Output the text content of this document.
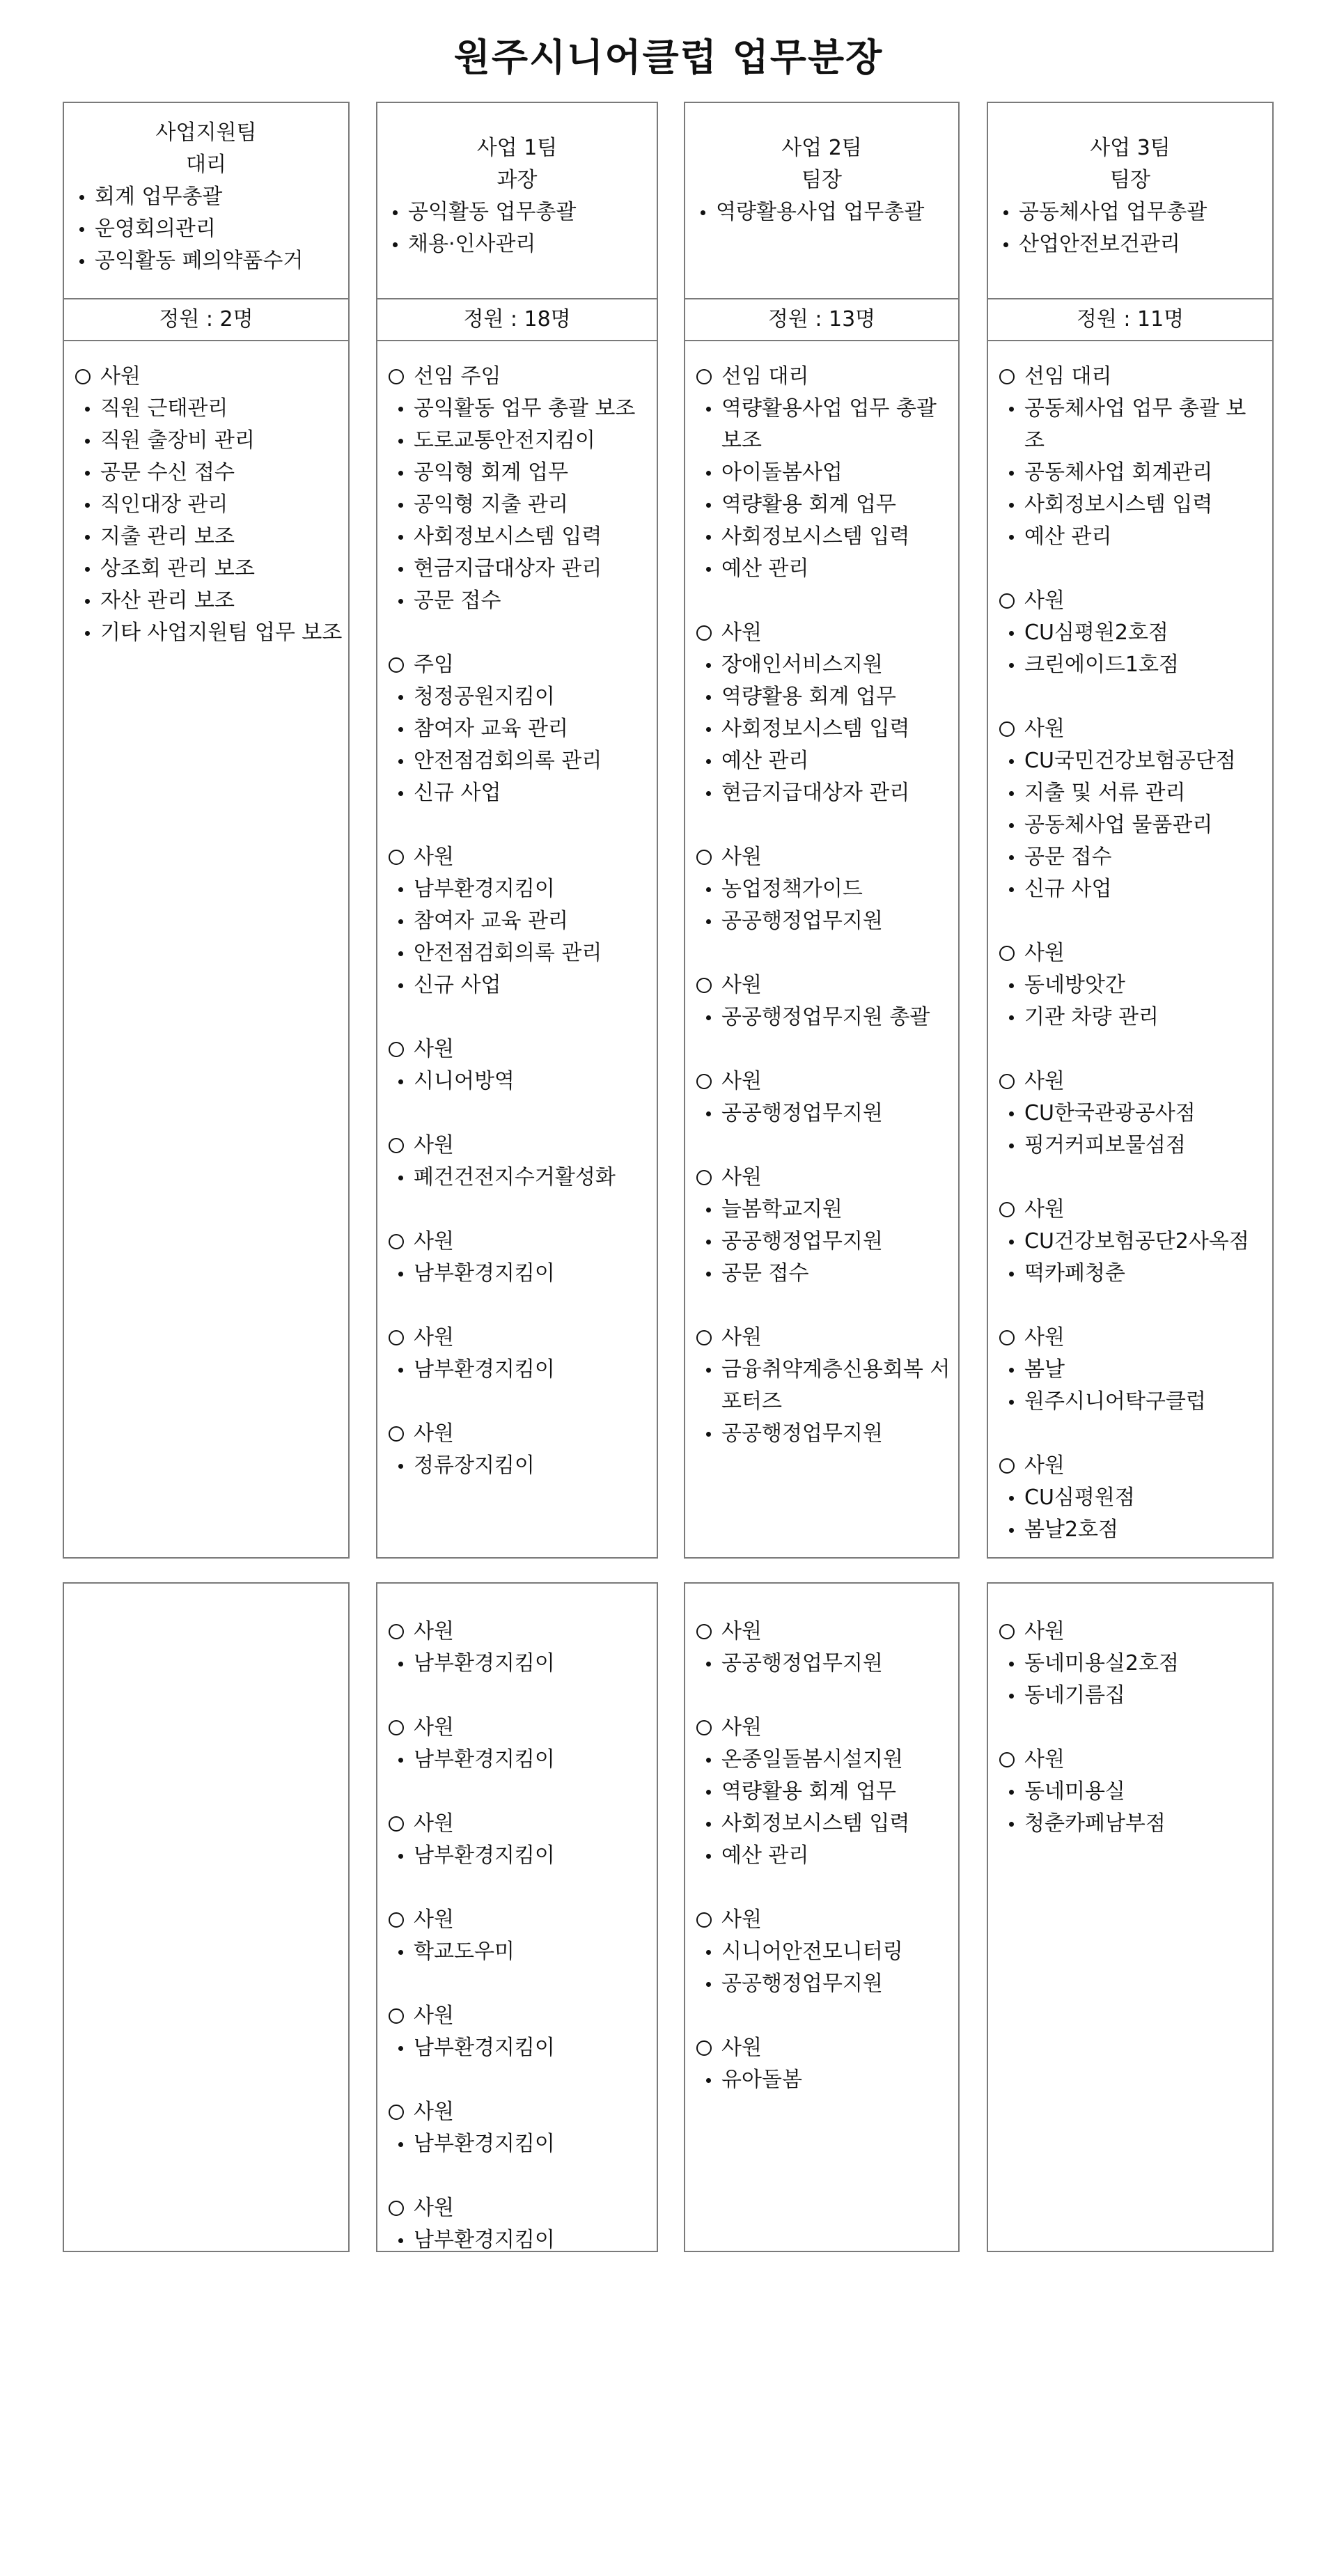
원주시니어클럽 업무분장
사업지원팀
대리
회계 업무총괄
운영회의관리
공익활동 폐의약품수거
정원 : 2명
사원
직원 근태관리
직원 출장비 관리
공문 수신 접수
직인대장 관리
지출 관리 보조
상조회 관리 보조
자산 관리 보조
기타 사업지원팀 업무 보조
사업 1팀
과장
공익활동 업무총괄
채용·인사관리
정원 : 18명
선임 주임
공익활동 업무 총괄 보조
도로교통안전지킴이
공익형 회계 업무
공익형 지출 관리
사회정보시스템 입력
현금지급대상자 관리
공문 접수
주임
청정공원지킴이
참여자 교육 관리
안전점검회의록 관리
신규 사업
사원
남부환경지킴이
참여자 교육 관리
안전점검회의록 관리
신규 사업
사원
시니어방역
사원
폐건건전지수거활성화
사원
남부환경지킴이
사원
남부환경지킴이
사원
정류장지킴이
사업 2팀
팀장
역량활용사업 업무총괄
정원 : 13명
선임 대리
역량활용사업 업무 총괄 보조
아이돌봄사업
역량활용 회계 업무
사회정보시스템 입력
예산 관리
사원
장애인서비스지원
역량활용 회계 업무
사회정보시스템 입력
예산 관리
현금지급대상자 관리
사원
농업정책가이드
공공행정업무지원
사원
공공행정업무지원 총괄
사원
공공행정업무지원
사원
늘봄학교지원
공공행정업무지원
공문 접수
사원
금융취약계층신용회복 서포터즈
공공행정업무지원
사업 3팀
팀장
공동체사업 업무총괄
산업안전보건관리
정원 : 11명
선임 대리
공동체사업 업무 총괄 보조
공동체사업 회계관리
사회정보시스템 입력
예산 관리
사원
CU심평원2호점
크린에이드1호점
사원
CU국민건강보험공단점
지출 및 서류 관리
공동체사업 물품관리
공문 접수
신규 사업
사원
동네방앗간
기관 차량 관리
사원
CU한국관광공사점
핑거커피보물섬점
사원
CU건강보험공단2사옥점
떡카페청춘
사원
봄날
원주시니어탁구클럽
사원
CU심평원점
봄날2호점
사원
남부환경지킴이
사원
남부환경지킴이
사원
남부환경지킴이
사원
학교도우미
사원
남부환경지킴이
사원
남부환경지킴이
사원
남부환경지킴이
사원
공공행정업무지원
사원
온종일돌봄시설지원
역량활용 회계 업무
사회정보시스템 입력
예산 관리
사원
시니어안전모니터링
공공행정업무지원
사원
유아돌봄
사원
동네미용실2호점
동네기름집
사원
동네미용실
청춘카페남부점
